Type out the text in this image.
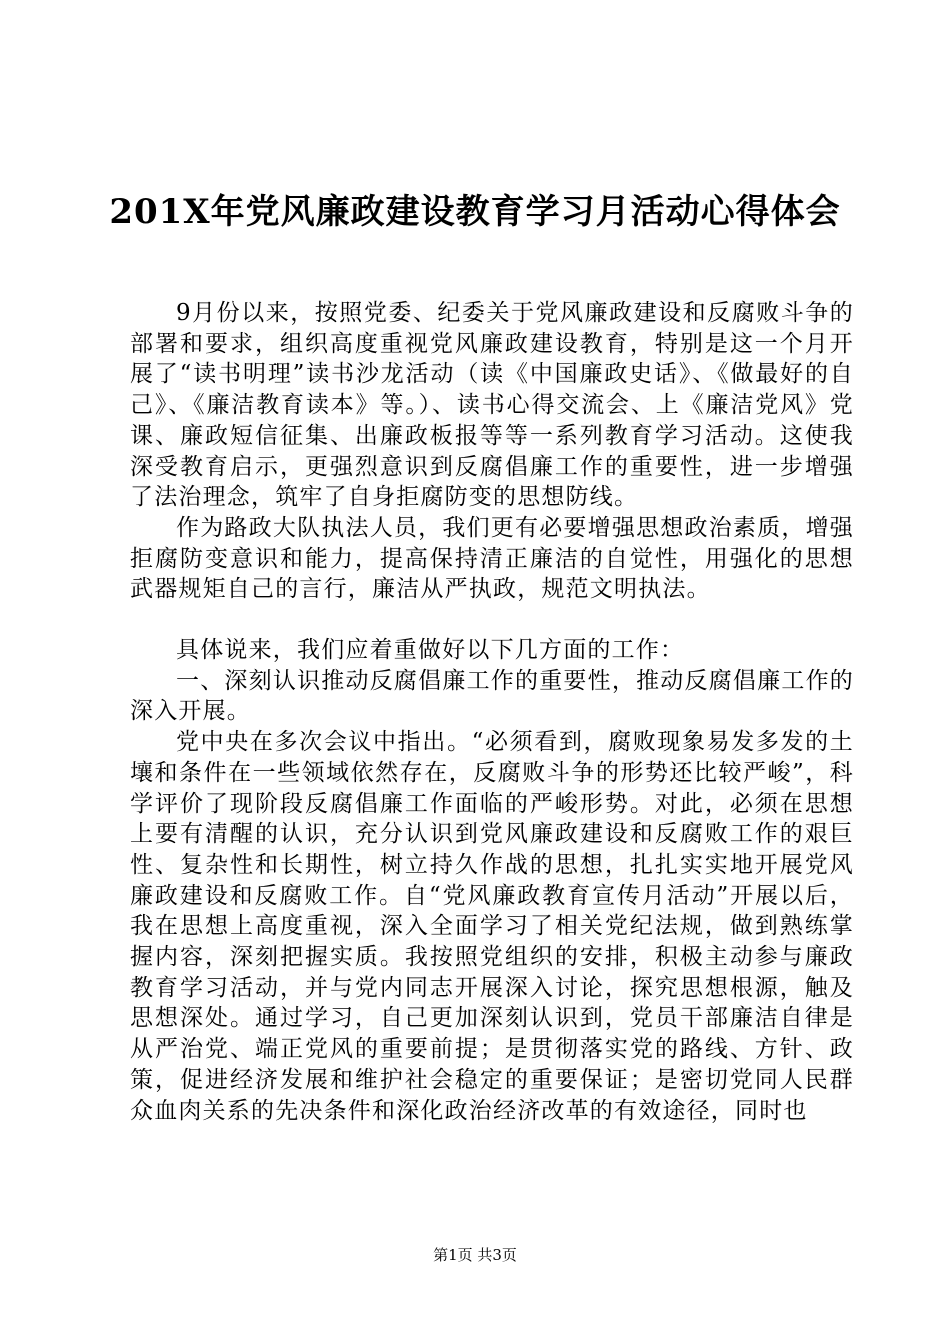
201X年党风廉政建设教育学习月活动心得体会

9月份以来，按照党委、纪委关于党风廉政建设和反腐败斗争的部署和要求，组织高度重视党风廉政建设教育，特别是这一个月开展了“读书明理”读书沙龙活动（读《中国廉政史话》、《做最好的自己》、《廉洁教育读本》等。）、读书心得交流会、上《廉洁党风》党课、廉政短信征集、出廉政板报等等一系列教育学习活动。这使我深受教育启示，更强烈意识到反腐倡廉工作的重要性，进一步增强了法治理念，筑牢了自身拒腐防变的思想防线。

作为路政大队执法人员，我们更有必要增强思想政治素质，增强拒腐防变意识和能力，提高保持清正廉洁的自觉性，用强化的思想武器规矩自己的言行，廉洁从严执政，规范文明执法。

具体说来，我们应着重做好以下几方面的工作：

一、深刻认识推动反腐倡廉工作的重要性，推动反腐倡廉工作的深入开展。

党中央在多次会议中指出。“必须看到，腐败现象易发多发的土壤和条件在一些领域依然存在，反腐败斗争的形势还比较严峻”，科学评价了现阶段反腐倡廉工作面临的严峻形势。对此，必须在思想上要有清醒的认识，充分认识到党风廉政建设和反腐败工作的艰巨性、复杂性和长期性，树立持久作战的思想，扎扎实实地开展党风廉政建设和反腐败工作。自“党风廉政教育宣传月活动”开展以后，我在思想上高度重视，深入全面学习了相关党纪法规，做到熟练掌握内容，深刻把握实质。我按照党组织的安排，积极主动参与廉政教育学习活动，并与党内同志开展深入讨论，探究思想根源，触及思想深处。通过学习，自己更加深刻认识到，党员干部廉洁自律是从严治党、端正党风的重要前提；是贯彻落实党的路线、方针、政策，促进经济发展和维护社会稳定的重要保证；是密切党同人民群众血肉关系的先决条件和深化政治经济改革的有效途径，同时也

第1页 共3页
